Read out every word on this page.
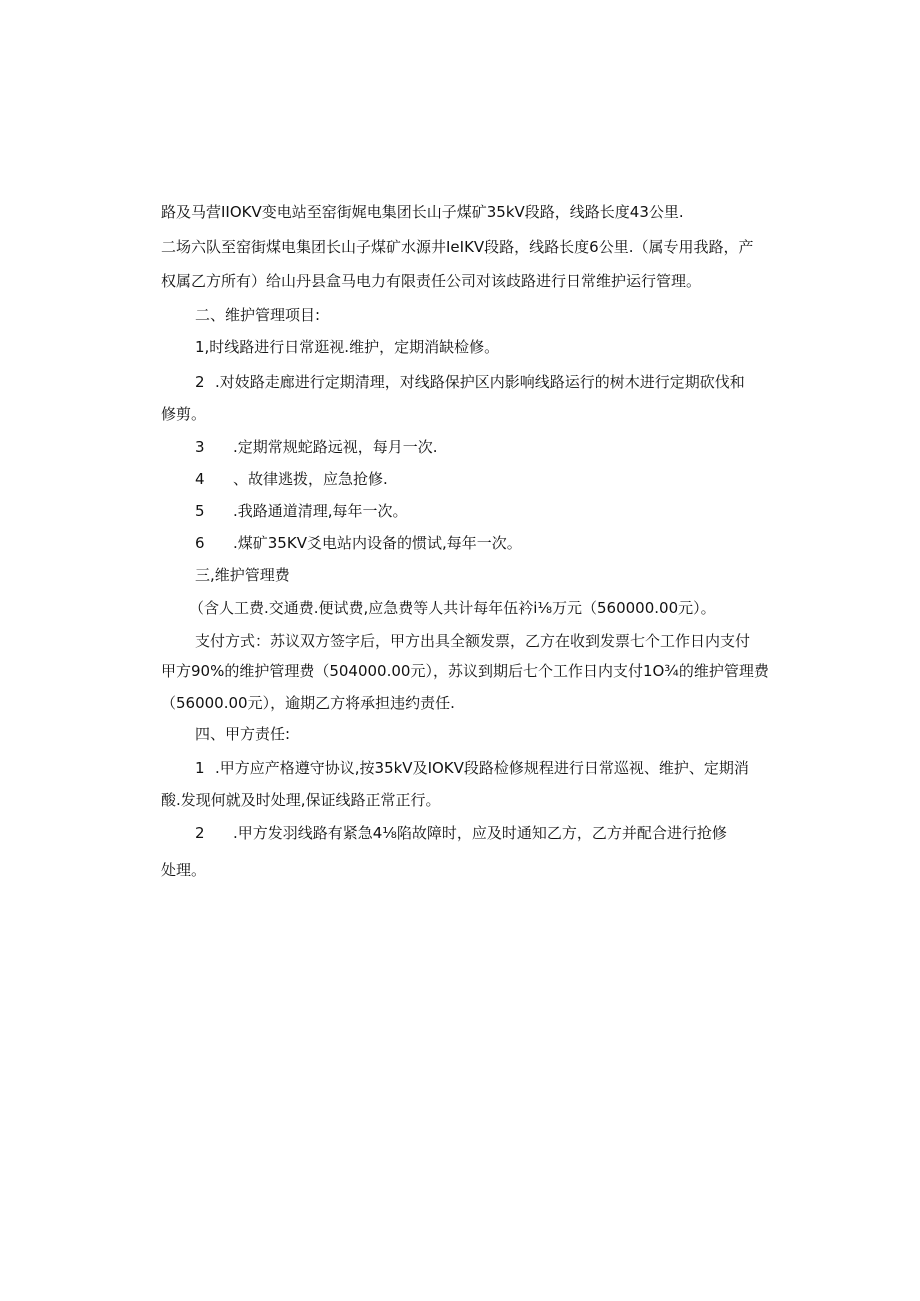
路及马营IIOKV变电站至窑街娓电集团长山子煤矿35kV段路，线路长度43公里.
二场六队至窑街煤电集团长山子煤矿水源井IeIKV段路，线路长度6公里.（属专用我路，产
权属乙方所有）给山丹县盒马电力有限责任公司对该歧路进行日常维护运行管理。
二、维护管理项目:
1,时线路进行日常逛视.维护，定期消缺检修。
2 .对妓路走廊进行定期清理，对线路保护区内影响线路运行的树木进行定期砍伐和
修剪。
3 .定期常规蛇路远视，每月一次.
4 、故律逃拨，应急抢修.
5 .我路通道清理,每年一次。
6 .煤矿35KV爻电站内设备的惯试,每年一次。
三,维护管理费
（含人工费.交通费.便试费,应急费等人共计每年伍衿i⅛万元（560000.00元）。
支付方式：苏议双方签字后，甲方出具全额发票，乙方在收到发票七个工作日内支付
甲方90%的维护管理费（504000.00元），苏议到期后七个工作日内支付1O¾的维护管理费
（56000.00元），逾期乙方将承担违约责任.
四、甲方责任:
1 .甲方应产格遵守协议,按35kV及IOKV段路检修规程进行日常巡视、维护、定期消
酸.发现何就及时处理,保证线路正常正行。
2 .甲方发羽线路有紧急4⅛陷故障时，应及时通知乙方，乙方并配合进行抢修
处理。
